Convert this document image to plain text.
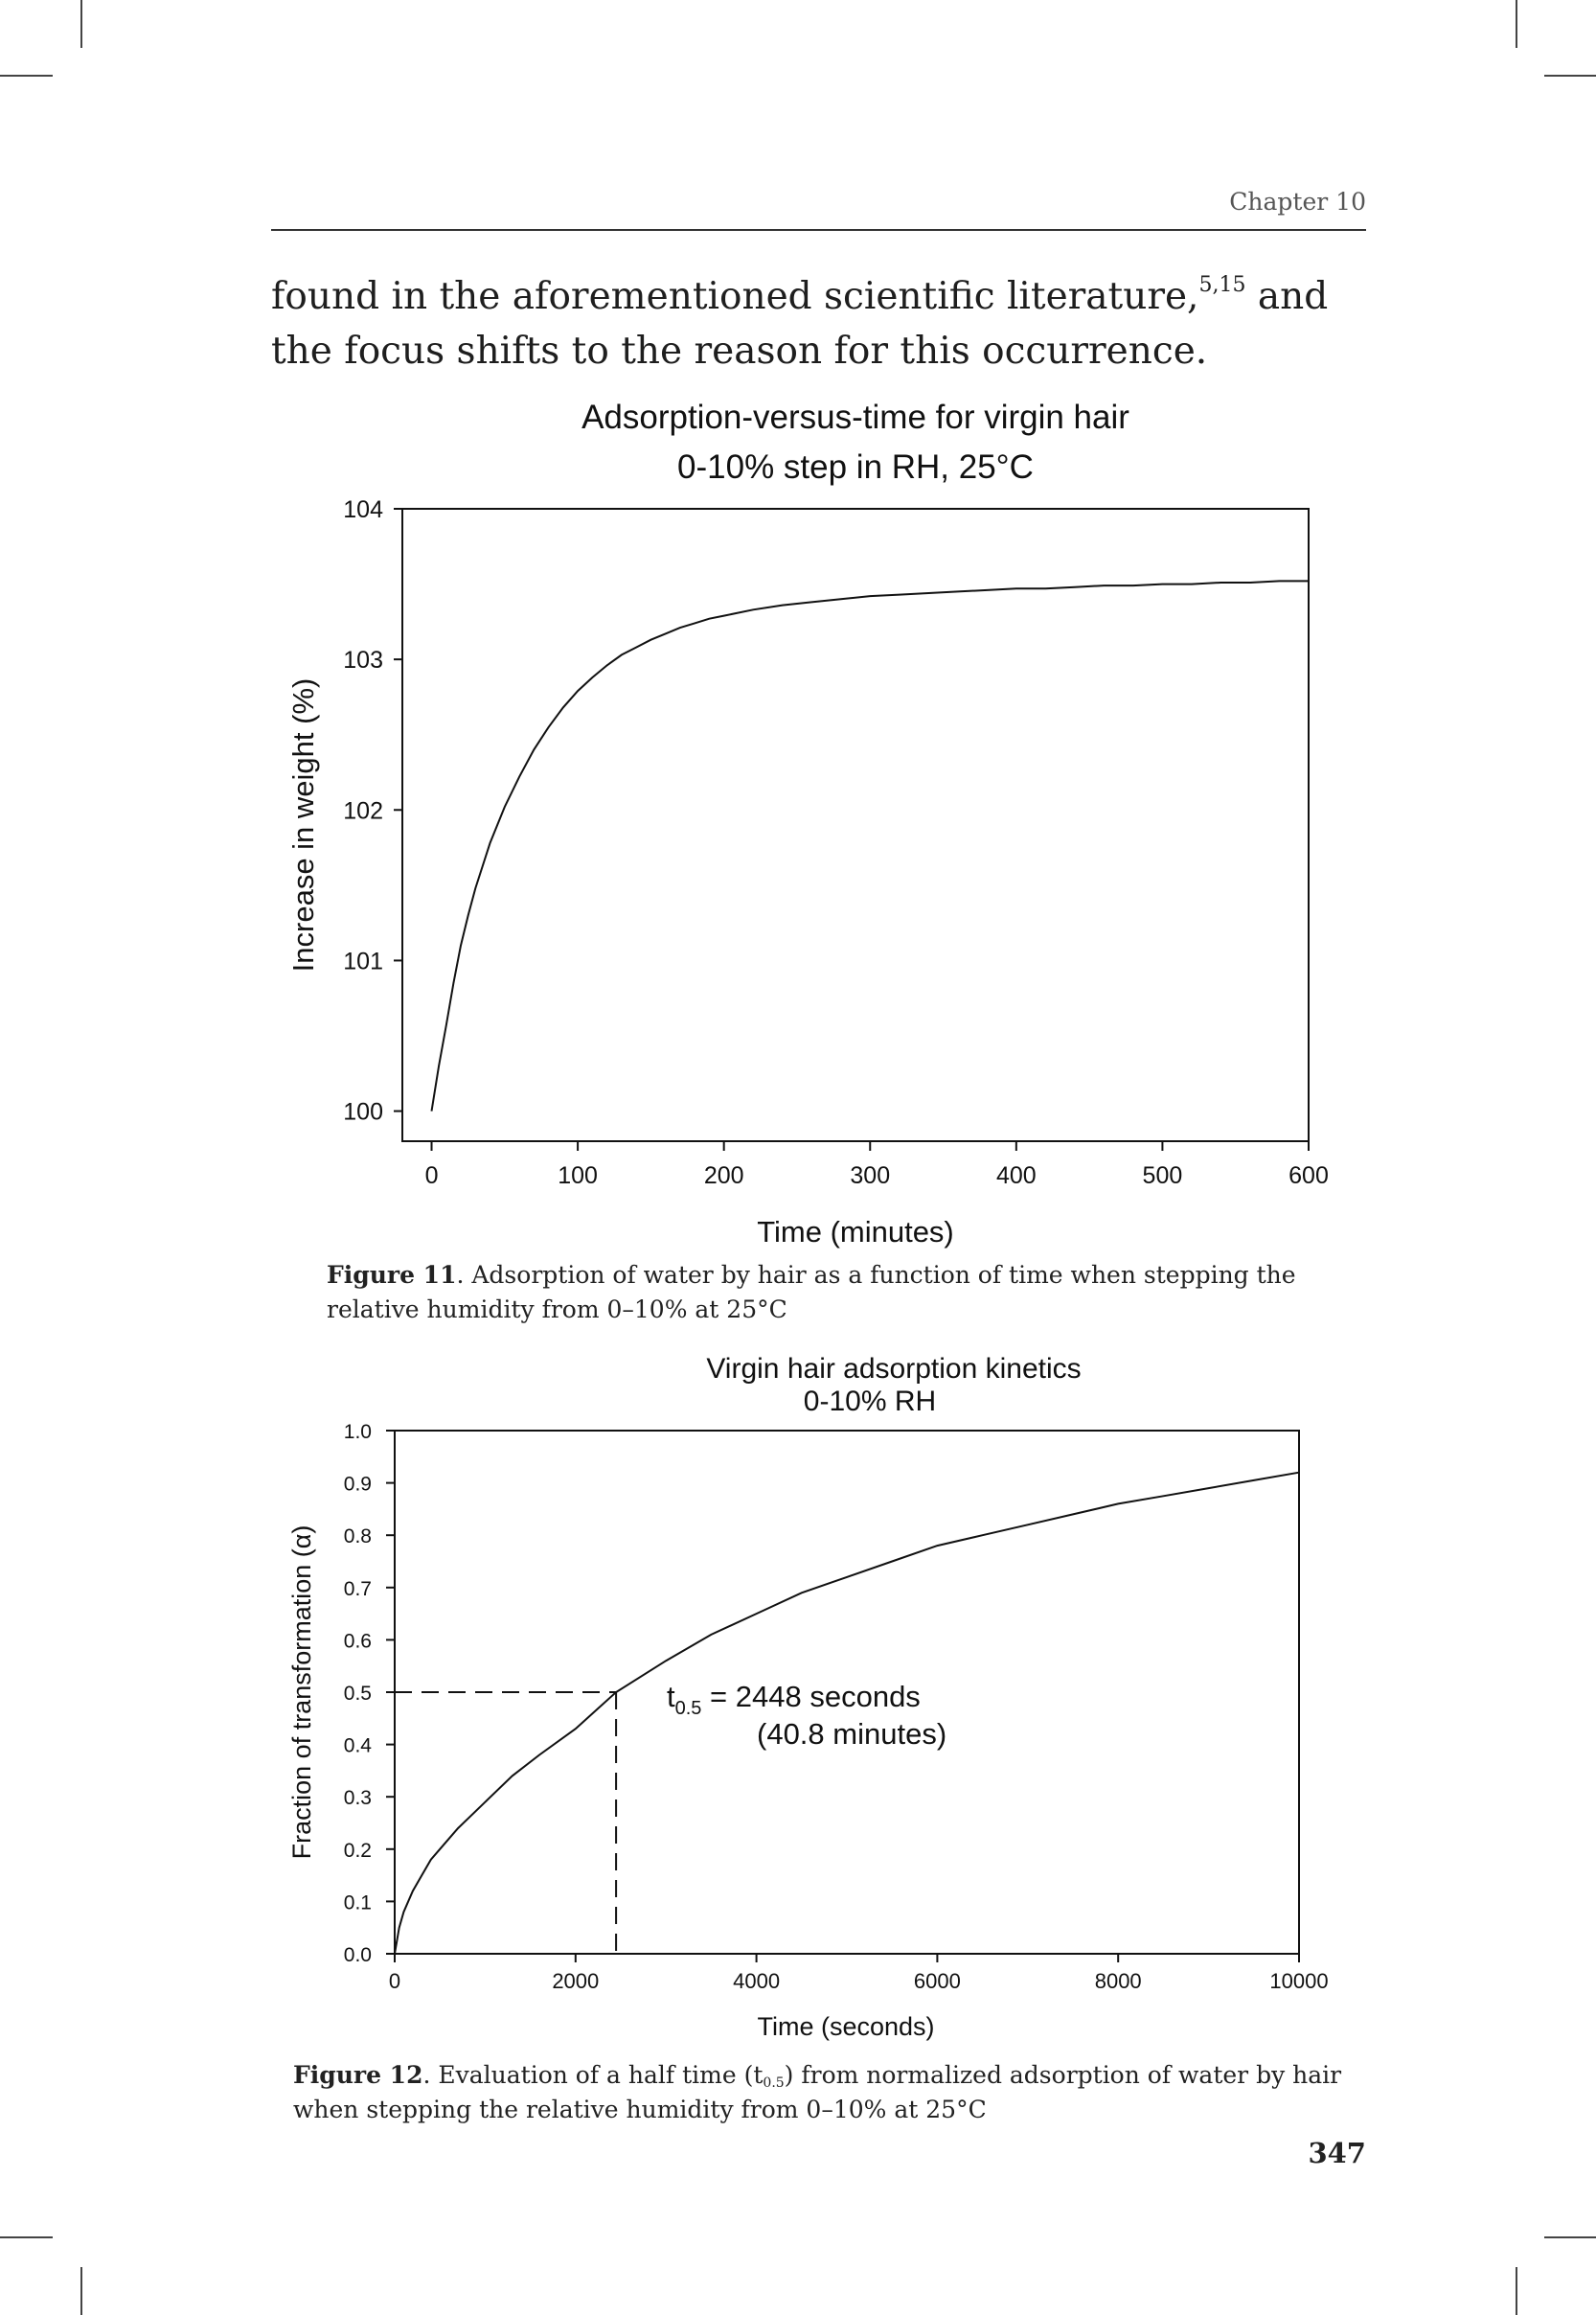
Chapter 10
found in the aforementioned scientific literature,$^{5,15}$ and the focus shifts to the reason for this occurrence.
Adsorption-versus-time for virgin hair
0-10% step in RH, 25°C
100
101
102
103
104
0	100	200	300	400	500	600
Time (minutes)
Increase in weight (%)
Figure 11. Adsorption of water by hair as a function of time when stepping the relative humidity from 0–10% at 25°C
Virgin hair adsorption kinetics
0-10% RH
0.0
0.1
0.2
0.3
0.4
0.5
0.6
0.7
0.8
0.9
1.0
0	2000	4000	6000	8000	10000
$t_{0.5} = 2448$ seconds
(40.8 minutes)
Time (seconds)
Fraction of transformation (α)
Figure 12. Evaluation of a half time $(t_{0.5})$ from normalized adsorption of water by hair when stepping the relative humidity from 0–10% at 25°C
347
